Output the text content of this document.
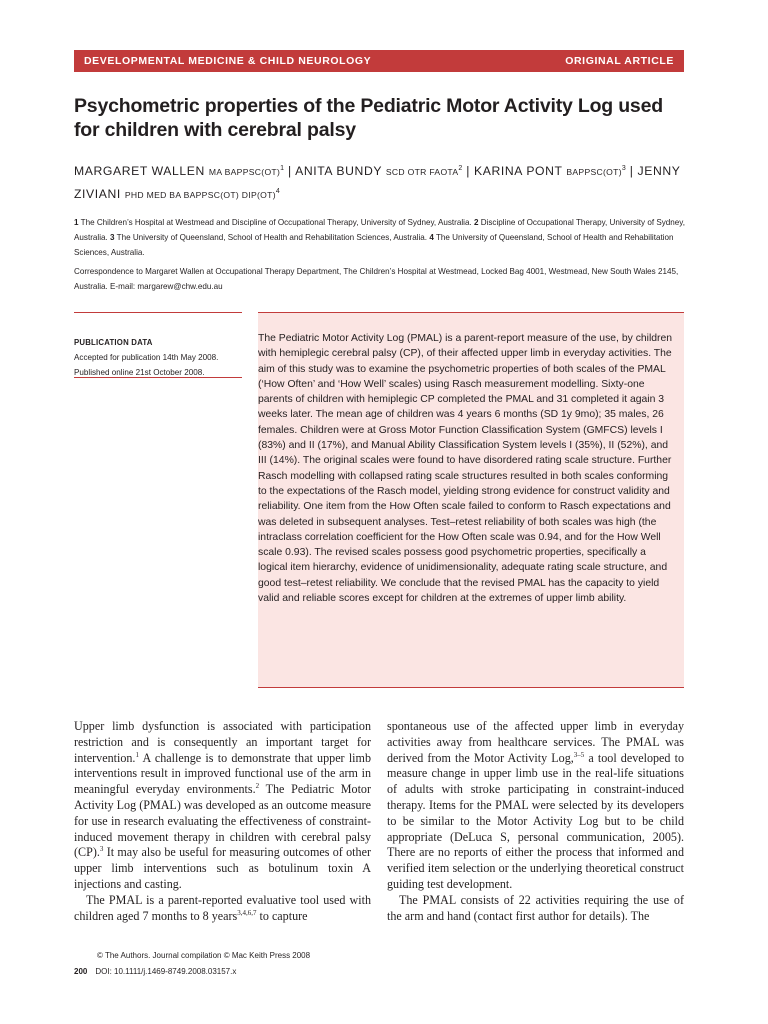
DEVELOPMENTAL MEDICINE & CHILD NEUROLOGY	ORIGINAL ARTICLE
Psychometric properties of the Pediatric Motor Activity Log used for children with cerebral palsy
MARGARET WALLEN MA BAPPSC(OT)$^1$ | ANITA BUNDY SCD OTR FAOTA$^2$ | KARINA PONT BAPPSC(OT)$^3$ | JENNY ZIVIANI PHD MED BA BAPPSC(OT) DIP(OT)$^4$
1 The Children’s Hospital at Westmead and Discipline of Occupational Therapy, University of Sydney, Australia. 2 Discipline of Occupational Therapy, University of Sydney, Australia. 3 The University of Queensland, School of Health and Rehabilitation Sciences, Australia. 4 The University of Queensland, School of Health and Rehabilitation Sciences, Australia.

Correspondence to Margaret Wallen at Occupational Therapy Department, The Children’s Hospital at Westmead, Locked Bag 4001, Westmead, New South Wales 2145, Australia. E-mail: margarew@chw.edu.au

PUBLICATION DATA
Accepted for publication 14th May 2008.
Published online 21st October 2008.

The Pediatric Motor Activity Log (PMAL) is a parent-report measure of the use, by children with hemiplegic cerebral palsy (CP), of their affected upper limb in everyday activities. The aim of this study was to examine the psychometric properties of both scales of the PMAL (‘How Often’ and ‘How Well’ scales) using Rasch measurement modelling. Sixty-one parents of children with hemiplegic CP completed the PMAL and 31 completed it again 3 weeks later. The mean age of children was 4 years 6 months (SD 1y 9mo); 35 males, 26 females. Children were at Gross Motor Function Classification System (GMFCS) levels I (83%) and II (17%), and Manual Ability Classification System levels I (35%), II (52%), and III (14%). The original scales were found to have disordered rating scale structure. Further Rasch modelling with collapsed rating scale structures resulted in both scales conforming to the expectations of the Rasch model, yielding strong evidence for construct validity and reliability. One item from the How Often scale failed to conform to Rasch expectations and was deleted in subsequent analyses. Test–retest reliability of both scales was high (the intraclass correlation coefficient for the How Often scale was 0.94, and for the How Well scale 0.93). The revised scales possess good psychometric properties, specifically a logical item hierarchy, evidence of unidimensionality, adequate rating scale structure, and good test–retest reliability. We conclude that the revised PMAL has the capacity to yield valid and reliable scores except for children at the extremes of upper limb ability.

Upper limb dysfunction is associated with participation restriction and is consequently an important target for intervention.$^1$ A challenge is to demonstrate that upper limb interventions result in improved functional use of the arm in meaningful everyday environments.$^2$ The Pediatric Motor Activity Log (PMAL) was developed as an outcome measure for use in research evaluating the effectiveness of constraint-induced movement therapy in children with cerebral palsy (CP).$^3$ It may also be useful for measuring outcomes of other upper limb interventions such as botulinum toxin A injections and casting.

The PMAL is a parent-reported evaluative tool used with children aged 7 months to 8 years$^{3,4,6,7}$ to capture

spontaneous use of the affected upper limb in everyday activities away from healthcare services. The PMAL was derived from the Motor Activity Log,$^{3-5}$ a tool developed to measure change in upper limb use in the real-life situations of adults with stroke participating in constraint-induced therapy. Items for the PMAL were selected by its developers to be similar to the Motor Activity Log but to be child appropriate (DeLuca S, personal communication, 2005). There are no reports of either the process that informed and verified item selection or the underlying theoretical construct guiding test development.

The PMAL consists of 22 activities requiring the use of the arm and hand (contact first author for details). The

© The Authors. Journal compilation © Mac Keith Press 2008
200 DOI: 10.1111/j.1469-8749.2008.03157.x
